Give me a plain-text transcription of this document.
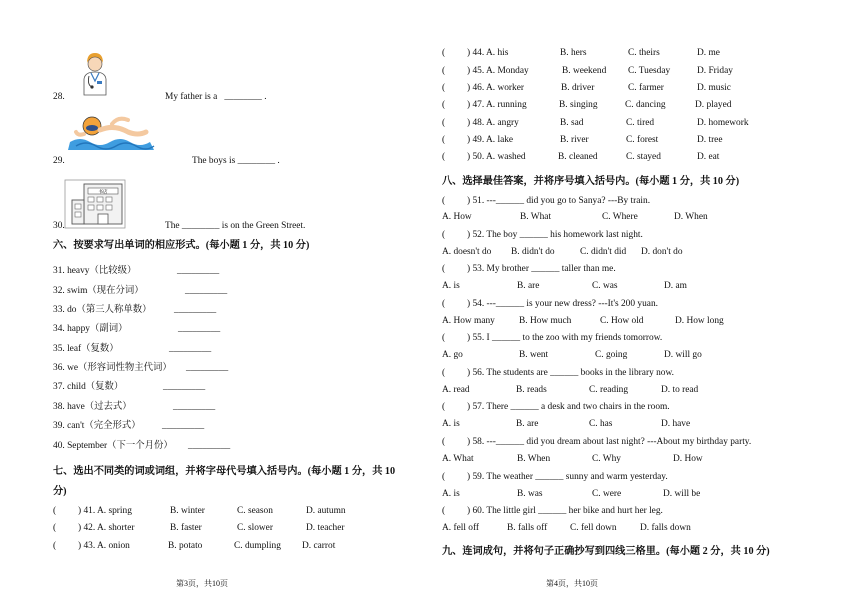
28.	My father is a ________ .
29.	The boys is ________ .
书店
30.	The ________ is on the Green Street.
六、按要求写出单词的相应形式。(每小题 1 分，共 10 分)
31. heavy（比较级）	_________
32. swim（现在分词）	_________
33. do（第三人称单数） _________
34. happy（副词）	_________
35. leaf（复数）	_________
36. we（形容词性物主代词） _________
37. child（复数）	_________
38. have（过去式）	_________
39. can't（完全形式） _________
40. September（下一个月份） _________
七、选出不同类的词或词组，并将字母代号填入括号内。(每小题 1 分，共 10
分)
( ) 41. A. spring	B. winter	C. season	D. autumn
( ) 42. A. shorter	B. faster	C. slower	D. teacher
( ) 43. A. onion	B. potato	C. dumpling D. carrot
第3页，共10页
( ) 44. A. his	B. hers	C. theirs	D. me
( ) 45. A. Monday	B. weekend C. Tuesday	D. Friday
( ) 46. A. worker	B. driver	C. farmer	D. music
( ) 47. A. running	B. singing	C. dancing	D. played
( ) 48. A. angry	B. sad	C. tired	D. homework
( ) 49. A. lake	B. river	C. forest	D. tree
( ) 50. A. washed	B. cleaned	C. stayed	D. eat
八、选择最佳答案，并将序号填入括号内。(每小题 1 分，共 10 分)
( ) 51. ---______ did you go to Sanya? ---By train.
A. How	B. What	C. Where	D. When
( ) 52. The boy ______ his homework last night.
A. doesn't do B. didn't do	C. didn't did D. don't do
( ) 53. My brother ______ taller than me.
A. is	B. are	C. was	D. am
( ) 54. ---______ is your new dress? ---It's 200 yuan.
A. How many	B. How much	C. How old	D. How long
( ) 55. I ______ to the zoo with my friends tomorrow.
A. go	B. went	C. going	D. will go
( ) 56. The students are ______ books in the library now.
A. read	B. reads	C. reading	D. to read
( ) 57. There ______ a desk and two chairs in the room.
A. is	B. are	C. has	D. have
( ) 58. ---______ did you dream about last night? ---About my birthday party.
A. What	B. When	C. Why	D. How
( ) 59. The weather ______ sunny and warm yesterday.
A. is	B. was	C. were	D. will be
( ) 60. The little girl ______ her bike and hurt her leg.
A. fell off	B. falls off C. fell down D. falls down
九、连词成句，并将句子正确抄写到四线三格里。(每小题 2 分，共 10 分)
第4页，共10页
